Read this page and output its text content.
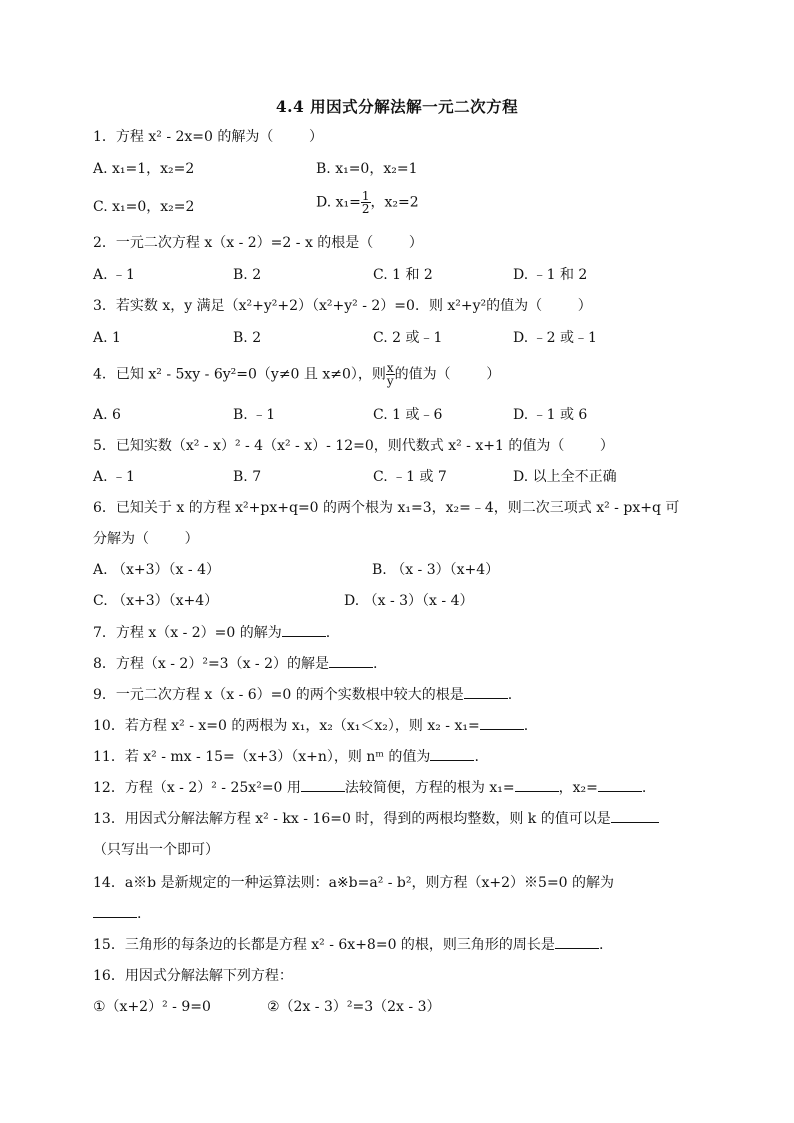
4.4 用因式分解法解一元二次方程
1．方程 x² - 2x=0 的解为（        ）
A. x₁=1，x₂=2	B. x₁=0，x₂=1
C. x₁=0，x₂=2	D. $x_1= \frac{1}{2}$ ，x₂=2
2．一元二次方程 x（x - 2）=2 - x 的根是（        ）
A. ﹣1	B. 2	C. 1 和 2	D. ﹣1 和 2
3．若实数 x，y 满足（x²+y²+2）（x²+y² - 2）=0．则 x²+y²的值为（        ）
A. 1	B. 2	C. 2 或﹣1	D. ﹣2 或﹣1
4．已知 x² - 5xy - 6y²=0（y≠0 且 x≠0），则 $\frac{x}{y}$ 的值为（        ）
A. 6	B. ﹣1	C. 1 或﹣6	D. ﹣1 或 6
5．已知实数（x² - x）² - 4（x² - x）- 12=0，则代数式 x² - x+1 的值为（        ）
A. ﹣1	B. 7	C. ﹣1 或 7	D. 以上全不正确
6．已知关于 x 的方程 x²+px+q=0 的两个根为 x₁=3，x₂=﹣4，则二次三项式 x² - px+q 可
分解为（        ）
A. （x+3）（x - 4）	B. （x - 3）（x+4）
C. （x+3）（x+4）	D. （x - 3）（x - 4）
7．方程 x（x - 2）=0 的解为	.
8．方程（x - 2）²=3（x - 2）的解是	.
9．一元二次方程 x（x - 6）=0 的两个实数根中较大的根是	.
10．若方程 x² - x=0 的两根为 x₁，x₂（x₁＜x₂），则 x₂ - x₁=	.
11．若 x² - mx - 15=（x+3）（x+n），则 nᵐ 的值为	.
12．方程（x - 2）² - 25x²=0 用	法较简便，方程的根为 x₁=	，x₂=	.
13．用因式分解法解方程 x² - kx - 16=0 时，得到的两根均整数，则 k 的值可以是
（只写出一个即可）
14．a※b 是新规定的一种运算法则：a※b=a² - b²，则方程（x+2）※5=0 的解为
.
15．三角形的每条边的长都是方程 x² - 6x+8=0 的根，则三角形的周长是	.
16．用因式分解法解下列方程：
①（x+2）² - 9=0	②（2x - 3）²=3（2x - 3）
